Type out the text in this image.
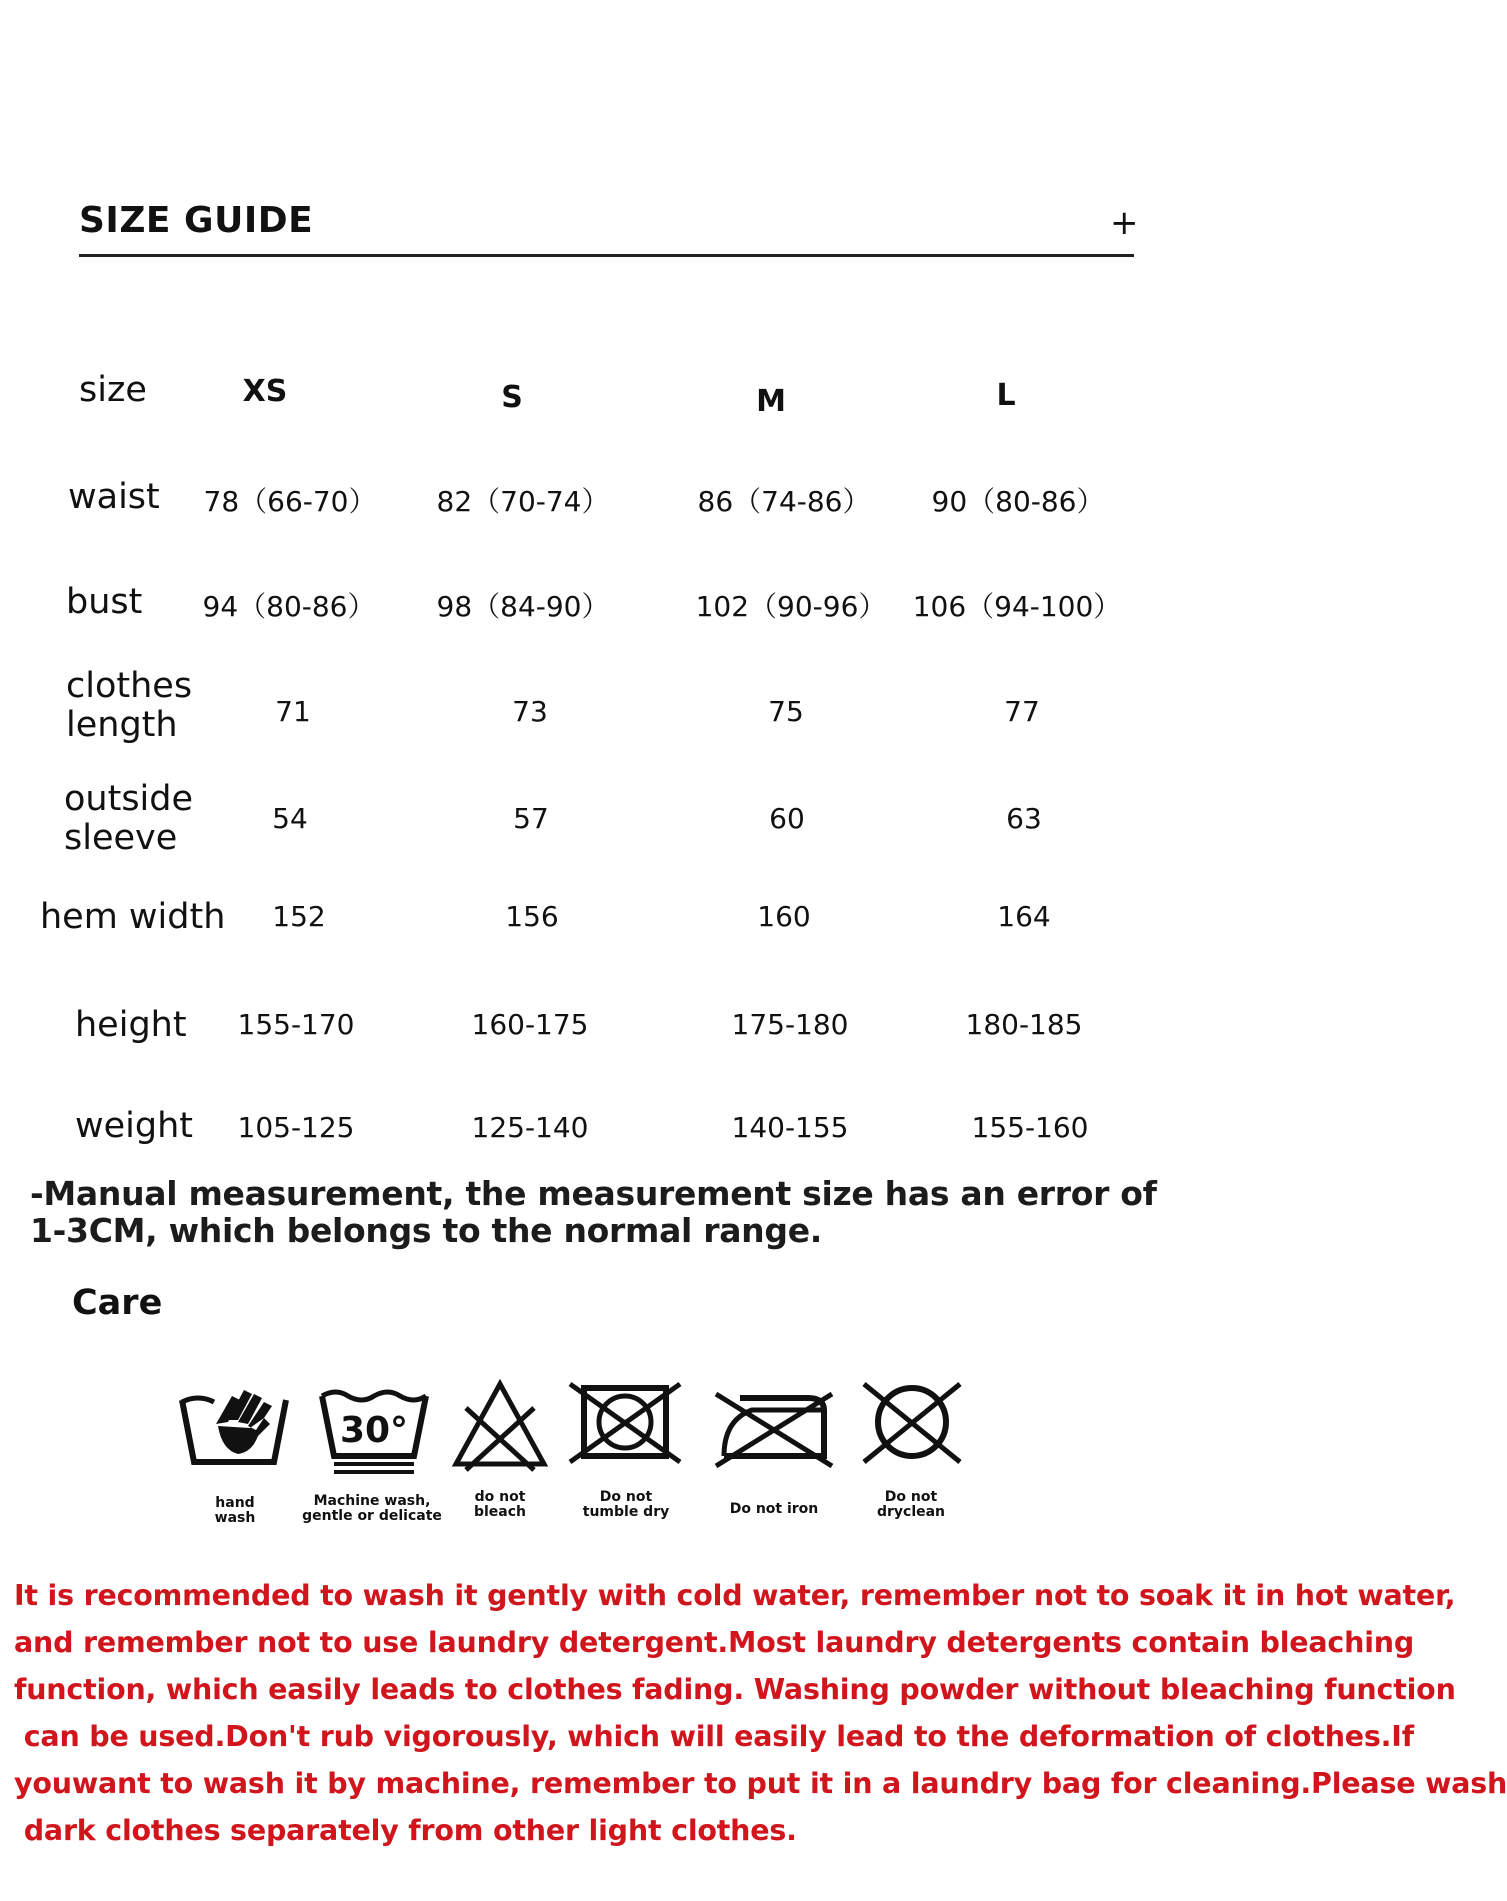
SIZE GUIDE	+
size	XS	S	M	L
waist 78（66-70） 82（70-74）	86（74-86） 90（80-86）
bust 94（80-86） 98（84-90）	102（90-96） 106（94-100）
clothes
length	71	73	75	77
outside
sleeve	54	57	60	63
hem width 152	156	160	164
height 155-170	160-175	175-180	180-185
weight 105-125	125-140	140-155	155-160
-Manual measurement, the measurement size has an error of 1-3CM, which belongs to the normal range.
Care
hand wash
30°
Machine wash, gentle or delicate
do not bleach
Do not tumble dry	Do not iron
Do not dryclean
It is recommended to wash it gently with cold water, remember not to soak it in hot water,
and remember not to use laundry detergent.Most laundry detergents contain bleaching
function, which easily leads to clothes fading. Washing powder without bleaching function
can be used.Don't rub vigorously, which will easily lead to the deformation of clothes.If
youwant to wash it by machine, remember to put it in a laundry bag for cleaning.Please wash
dark clothes separately from other light clothes.
